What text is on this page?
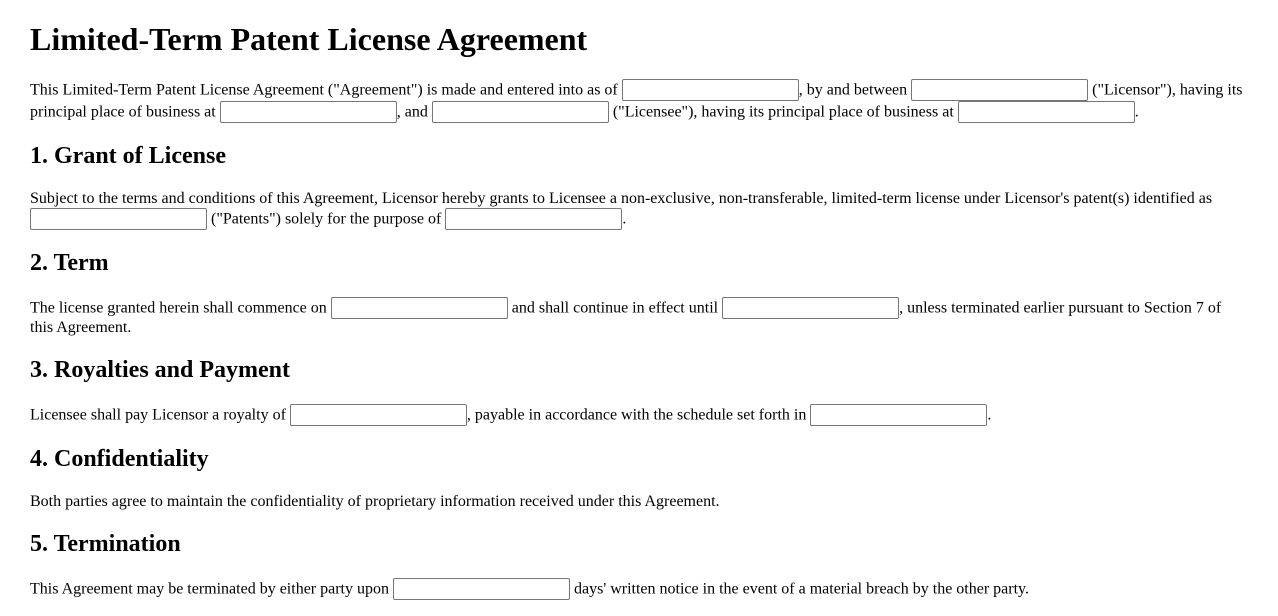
Limited-Term Patent License Agreement

This Limited-Term Patent License Agreement ("Agreement") is made and entered into as of	, by and between	("Licensor"), having its principal place of business at	, and	("Licensee"), having its principal place of business at	.

1. Grant of License

Subject to the terms and conditions of this Agreement, Licensor hereby grants to Licensee a non-exclusive, non-transferable, limited-term license under Licensor's patent(s) identified as  ("Patents") solely for the purpose of	.

2. Term

The license granted herein shall commence on	and shall continue in effect until	, unless terminated earlier pursuant to Section 7 of this Agreement.

3. Royalties and Payment

Licensee shall pay Licensor a royalty of	, payable in accordance with the schedule set forth in	.

4. Confidentiality

Both parties agree to maintain the confidentiality of proprietary information received under this Agreement.

5. Termination

This Agreement may be terminated by either party upon	days' written notice in the event of a material breach by the other party.
